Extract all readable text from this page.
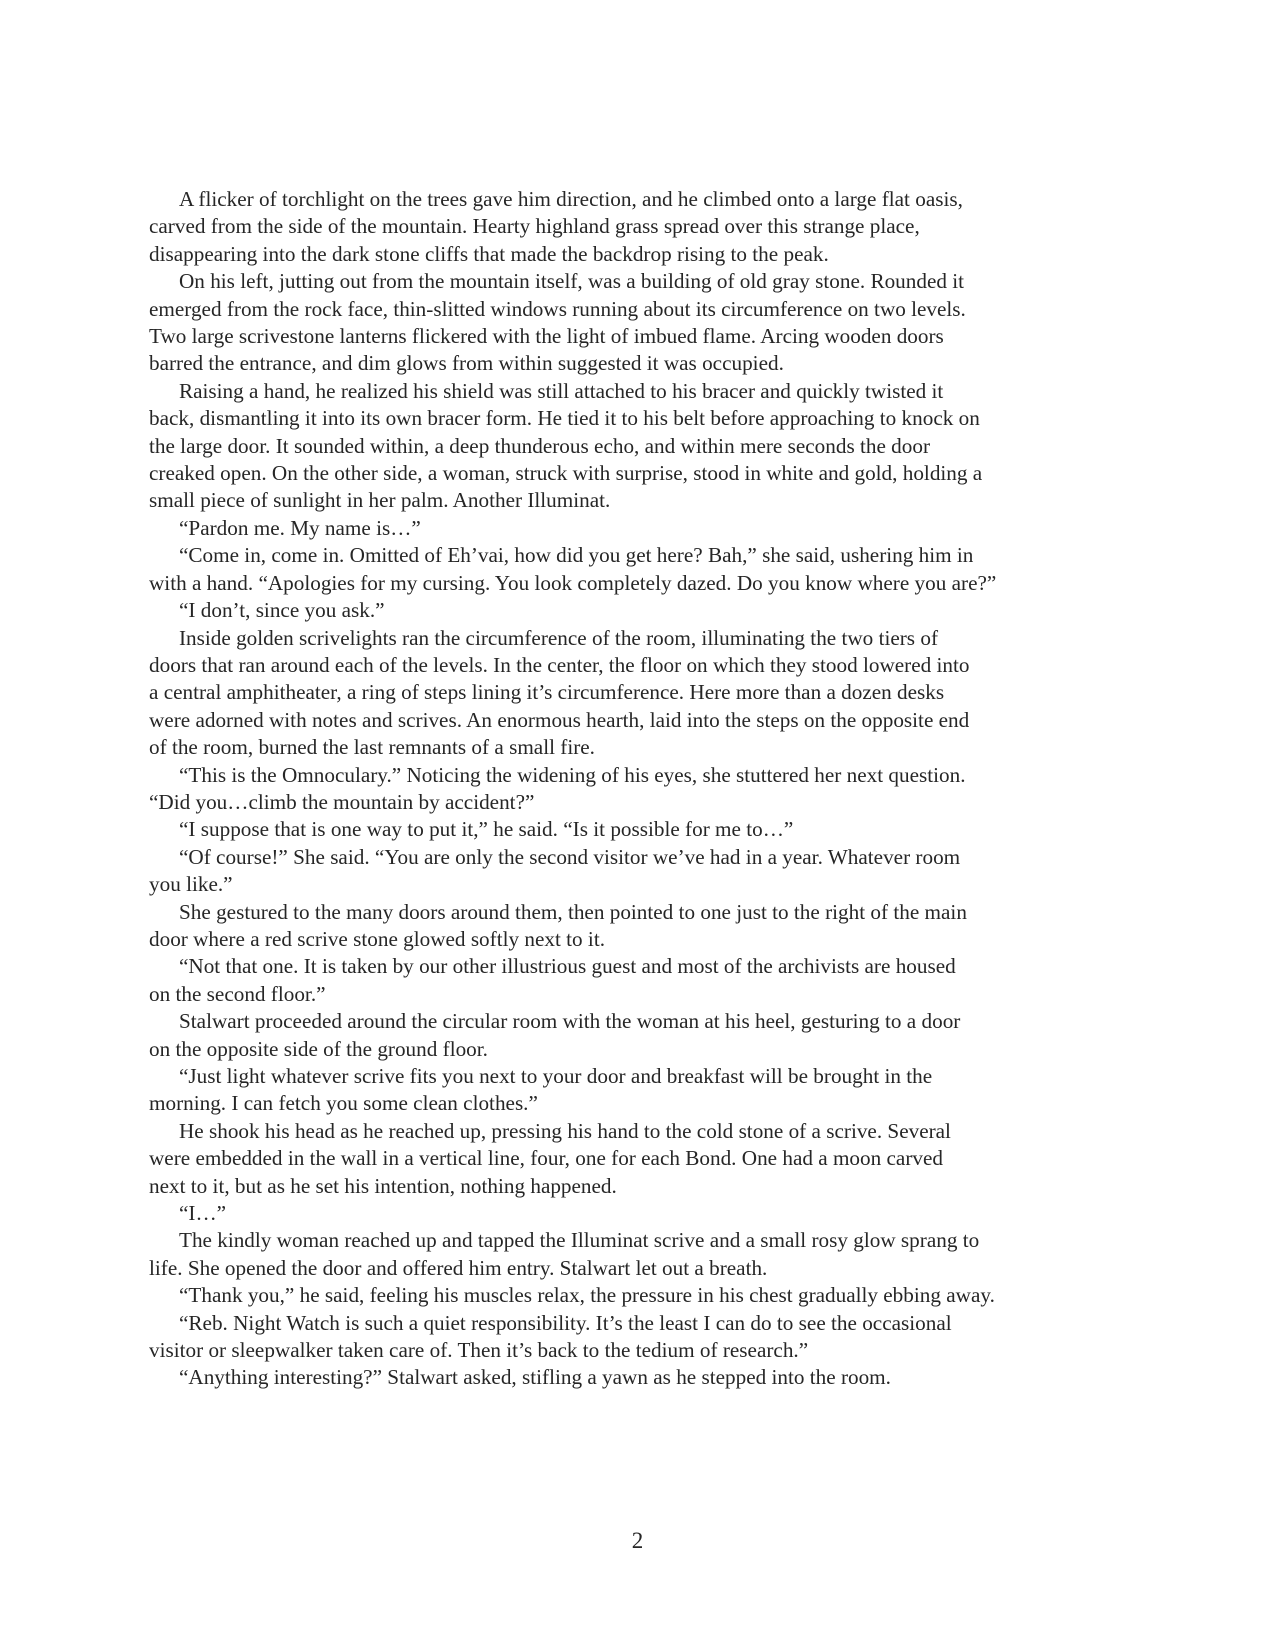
A flicker of torchlight on the trees gave him direction, and he climbed onto a large flat oasis,
carved from the side of the mountain. Hearty highland grass spread over this strange place,
disappearing into the dark stone cliffs that made the backdrop rising to the peak.
On his left, jutting out from the mountain itself, was a building of old gray stone. Rounded it
emerged from the rock face, thin-slitted windows running about its circumference on two levels.
Two large scrivestone lanterns flickered with the light of imbued flame. Arcing wooden doors
barred the entrance, and dim glows from within suggested it was occupied.
Raising a hand, he realized his shield was still attached to his bracer and quickly twisted it
back, dismantling it into its own bracer form. He tied it to his belt before approaching to knock on
the large door. It sounded within, a deep thunderous echo, and within mere seconds the door
creaked open. On the other side, a woman, struck with surprise, stood in white and gold, holding a
small piece of sunlight in her palm. Another Illuminat.
“Pardon me. My name is…”
“Come in, come in. Omitted of Eh’vai, how did you get here? Bah,” she said, ushering him in
with a hand. “Apologies for my cursing. You look completely dazed. Do you know where you are?”
“I don’t, since you ask.”
Inside golden scrivelights ran the circumference of the room, illuminating the two tiers of
doors that ran around each of the levels. In the center, the floor on which they stood lowered into
a central amphitheater, a ring of steps lining it’s circumference. Here more than a dozen desks
were adorned with notes and scrives. An enormous hearth, laid into the steps on the opposite end
of the room, burned the last remnants of a small fire.
“This is the Omnoculary.” Noticing the widening of his eyes, she stuttered her next question.
“Did you…climb the mountain by accident?”
“I suppose that is one way to put it,” he said. “Is it possible for me to…”
“Of course!” She said. “You are only the second visitor we’ve had in a year. Whatever room
you like.”
She gestured to the many doors around them, then pointed to one just to the right of the main
door where a red scrive stone glowed softly next to it.
“Not that one. It is taken by our other illustrious guest and most of the archivists are housed
on the second floor.”
Stalwart proceeded around the circular room with the woman at his heel, gesturing to a door
on the opposite side of the ground floor.
“Just light whatever scrive fits you next to your door and breakfast will be brought in the
morning. I can fetch you some clean clothes.”
He shook his head as he reached up, pressing his hand to the cold stone of a scrive. Several
were embedded in the wall in a vertical line, four, one for each Bond. One had a moon carved
next to it, but as he set his intention, nothing happened.
“I…”
The kindly woman reached up and tapped the Illuminat scrive and a small rosy glow sprang to
life. She opened the door and offered him entry. Stalwart let out a breath.
“Thank you,” he said, feeling his muscles relax, the pressure in his chest gradually ebbing away.
“Reb. Night Watch is such a quiet responsibility. It’s the least I can do to see the occasional
visitor or sleepwalker taken care of. Then it’s back to the tedium of research.”
“Anything interesting?” Stalwart asked, stifling a yawn as he stepped into the room.
2
